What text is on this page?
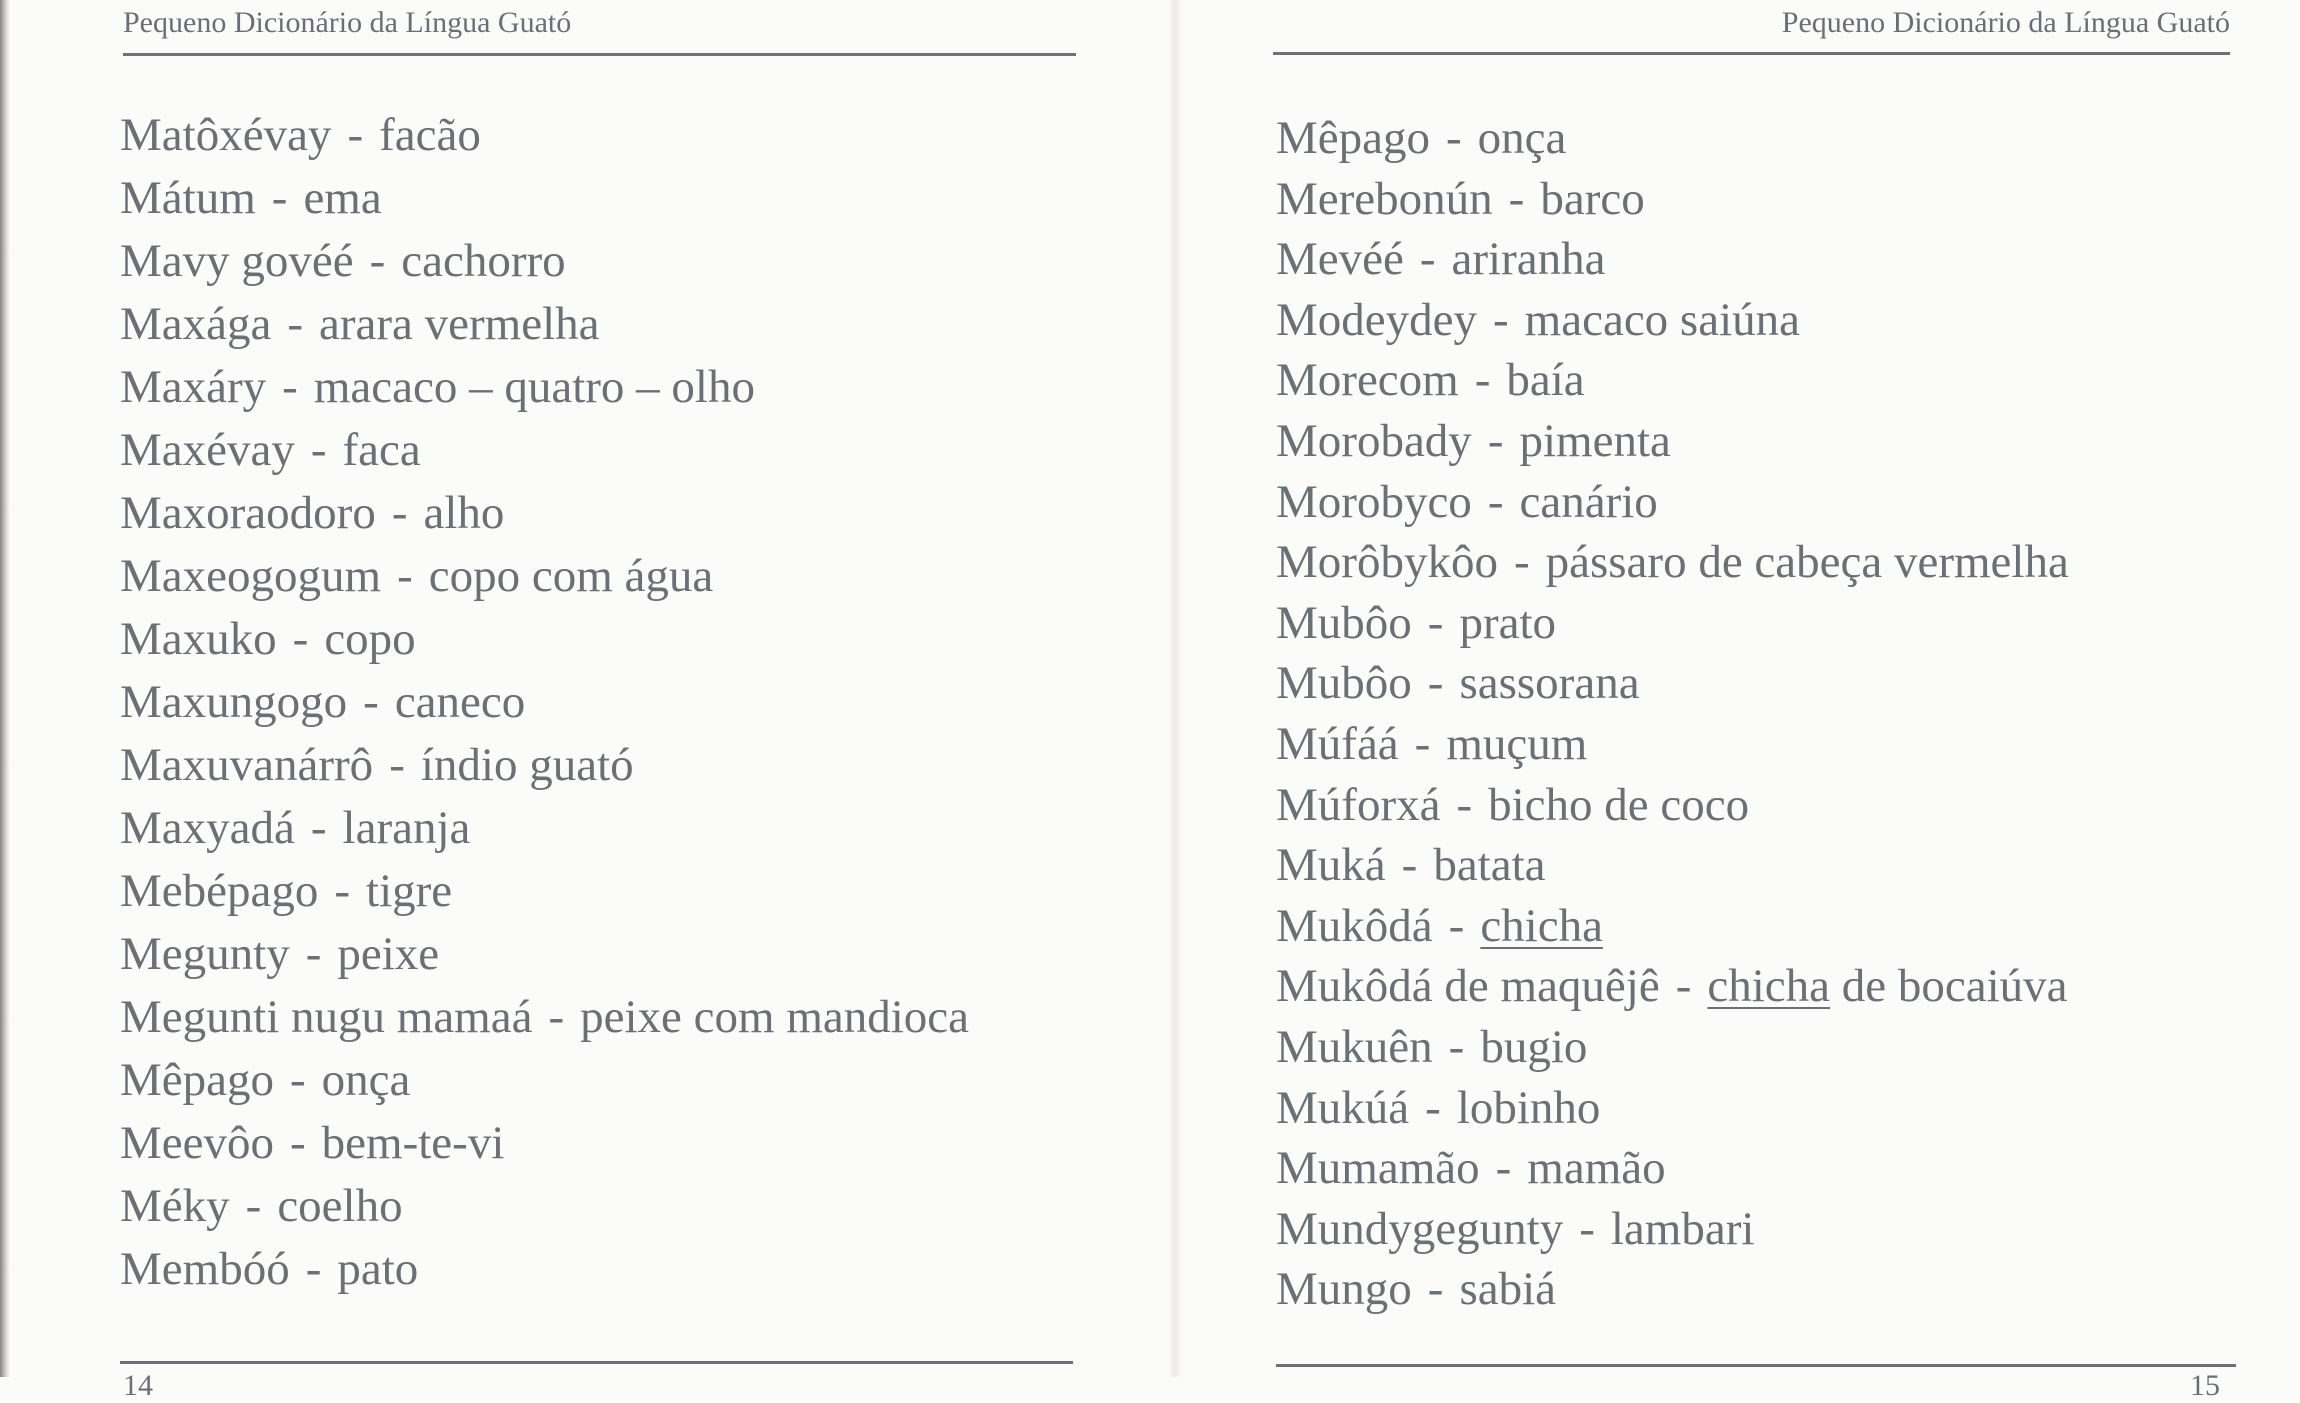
Pequeno Dicionário da Língua Guató
Matôxévay - facão
Mátum - ema
Mavy govéé - cachorro
Maxága - arara vermelha
Maxáry - macaco – quatro – olho
Maxévay - faca
Maxoraodoro - alho
Maxeogogum - copo com água
Maxuko - copo
Maxungogo - caneco
Maxuvanárrô - índio guató
Maxyadá - laranja
Mebépago - tigre
Megunty - peixe
Megunti nugu mamaá - peixe com mandioca
Mêpago - onça
Meevôo - bem-te-vi
Méky - coelho
Membóó - pato
14
Pequeno Dicionário da Língua Guató
Mêpago - onça
Merebonún - barco
Mevéé - ariranha
Modeydey - macaco saiúna
Morecom - baía
Morobady - pimenta
Morobyco - canário
Morôbykôo - pássaro de cabeça vermelha
Mubôo - prato
Mubôo - sassorana
Múfáá - muçum
Múforxá - bicho de coco
Muká - batata
Mukôdá - chicha
Mukôdá de maquêjê - chicha de bocaiúva
Mukuên - bugio
Mukúá - lobinho
Mumamão - mamão
Mundygegunty - lambari
Mungo - sabiá
15
